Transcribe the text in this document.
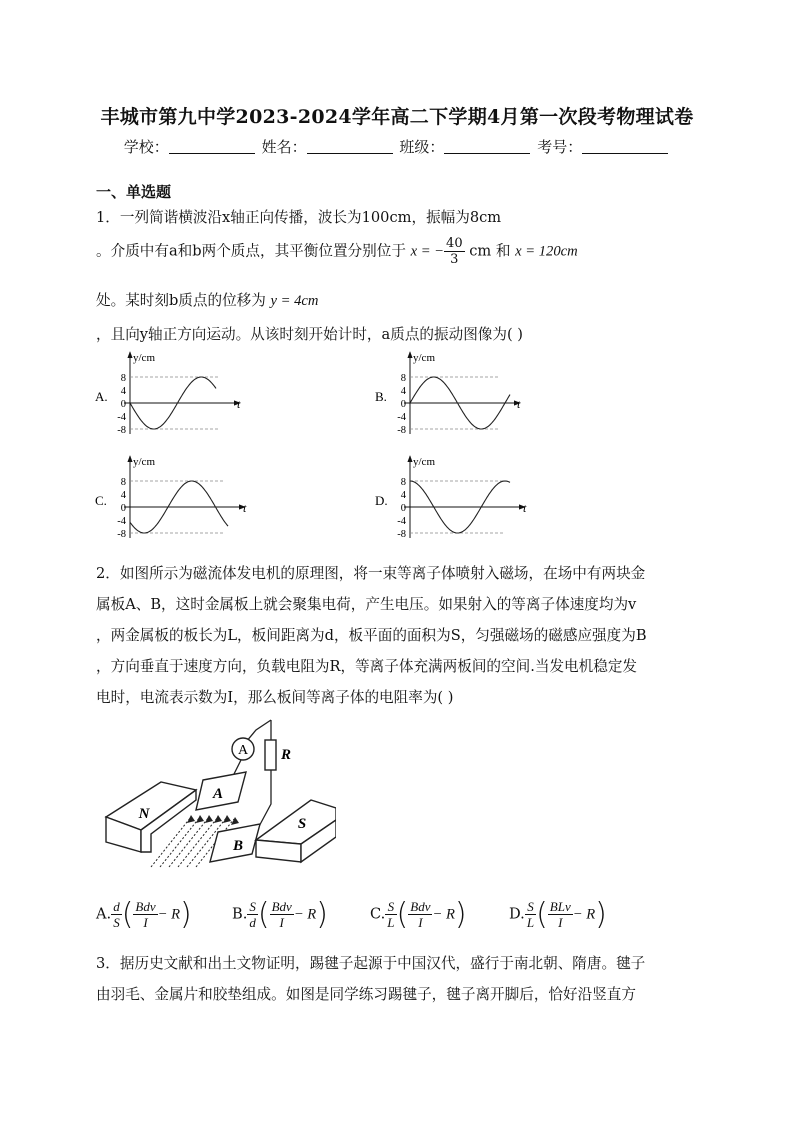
丰城市第九中学2023-2024学年高二下学期4月第一次段考物理试卷
学校：	姓名：	班级：	考号：
一、单选题
1．一列简谐横波沿x轴正向传播，波长为100cm，振幅为8cm
。介质中有a和b两个质点，其平衡位置分别位于 x = − $\frac{40}{3}$ cm 和 x = 120cm
处。某时刻b质点的位移为 y = 4cm
，且向y轴正方向运动。从该时刻开始计时，a质点的振动图像为( )
A.
y/cm
t
8
4
0
-4
-8
B.
y/cm
t
8
4
0
-4
-8
C.
y/cm
t
8
4
0
-4
-8
D.
y/cm
t
8
4
0
-4
-8
2．如图所示为磁流体发电机的原理图，将一束等离子体喷射入磁场，在场中有两块金
属板A、B，这时金属板上就会聚集电荷，产生电压。如果射入的等离子体速度均为v
，两金属板的板长为L，板间距离为d，板平面的面积为S，匀强磁场的磁感应强度为B
，方向垂直于速度方向，负载电阻为R，等离子体充满两板间的空间.当发电机稳定发
电时，电流表示数为I，那么板间等离子体的电阻率为( )
A R
N
A
B
S
A. $\frac{d}{S}$ ( $\frac{\text{Bdv}}{I} - R$)	B. $\frac{S}{d}$ ( $\frac{\text{Bdv}}{I} - R$)	C. $\frac{S}{L}$ ( $\frac{\text{Bdv}}{I} - R$)	D. $\frac{S}{L}$ ( $\frac{\text{BLv}}{I} - R$)
3．据历史文献和出土文物证明，踢毽子起源于中国汉代，盛行于南北朝、隋唐。毽子
由羽毛、金属片和胶垫组成。如图是同学练习踢毽子，毽子离开脚后，恰好沿竖直方
